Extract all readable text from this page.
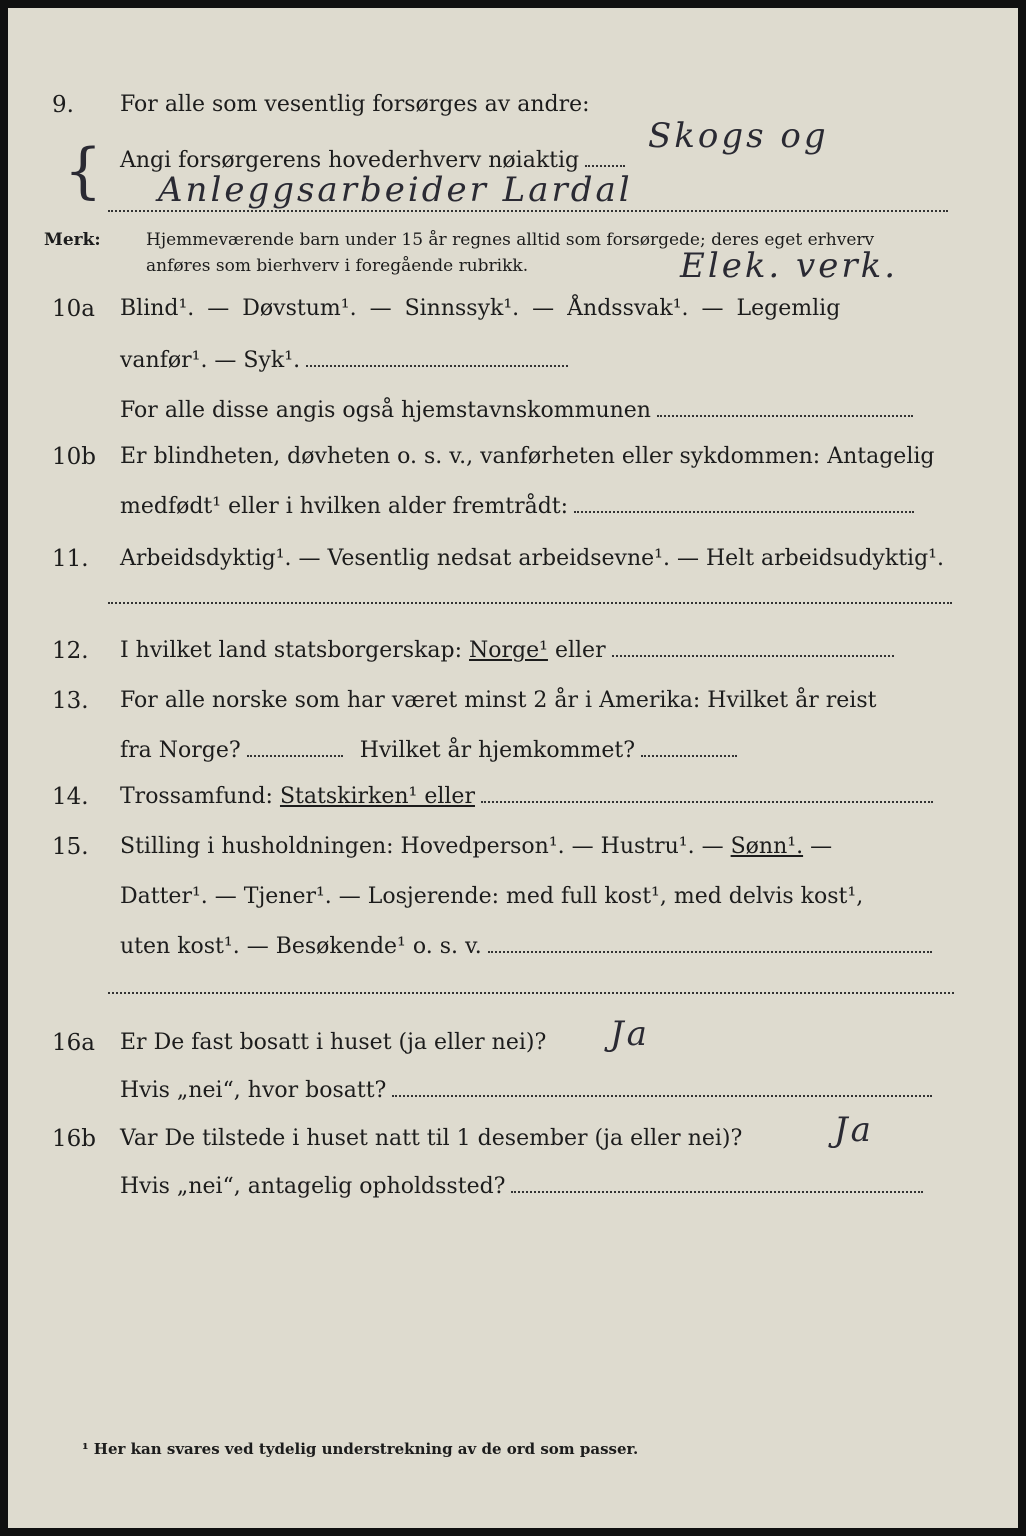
9. For alle som vesentlig forsørges av andre:
{ Angi forsørgerens hovederhverv nøiaktig
Skogs og
Anleggsarbeider Lardal
Merk:	Hjemmeværende barn under 15 år regnes alltid som forsørgede; deres eget erhverv
anføres som bierhverv i foregående rubrikk.	Elek. verk.
10a Blind¹. — Døvstum¹. — Sinnssyk¹. — Åndssvak¹. — Legemlig
vanfør¹. — Syk¹.
For alle disse angis også hjemstavnskommunen
10b Er blindheten, døvheten o. s. v., vanførheten eller sykdommen: Antagelig
medfødt¹ eller i hvilken alder fremtrådt:
11. Arbeidsdyktig¹. — Vesentlig nedsat arbeidsevne¹. — Helt arbeidsudyktig¹.
12. I hvilket land statsborgerskap: Norge¹ eller
13. For alle norske som har været minst 2 år i Amerika: Hvilket år reist
fra Norge?	Hvilket år hjemkommet?
14. Trossamfund: Statskirken¹ eller
15. Stilling i husholdningen: Hovedperson¹. — Hustru¹. — Sønn¹. —
Datter¹. — Tjener¹. — Losjerende: med full kost¹, med delvis kost¹,
uten kost¹. — Besøkende¹ o. s. v.
16a Er De fast bosatt i huset (ja eller nei)? Ja
Hvis „nei“, hvor bosatt?
16b Var De tilstede i huset natt til 1 desember (ja eller nei)?	Ja
Hvis „nei“, antagelig opholdssted?
¹ Her kan svares ved tydelig understrekning av de ord som passer.
